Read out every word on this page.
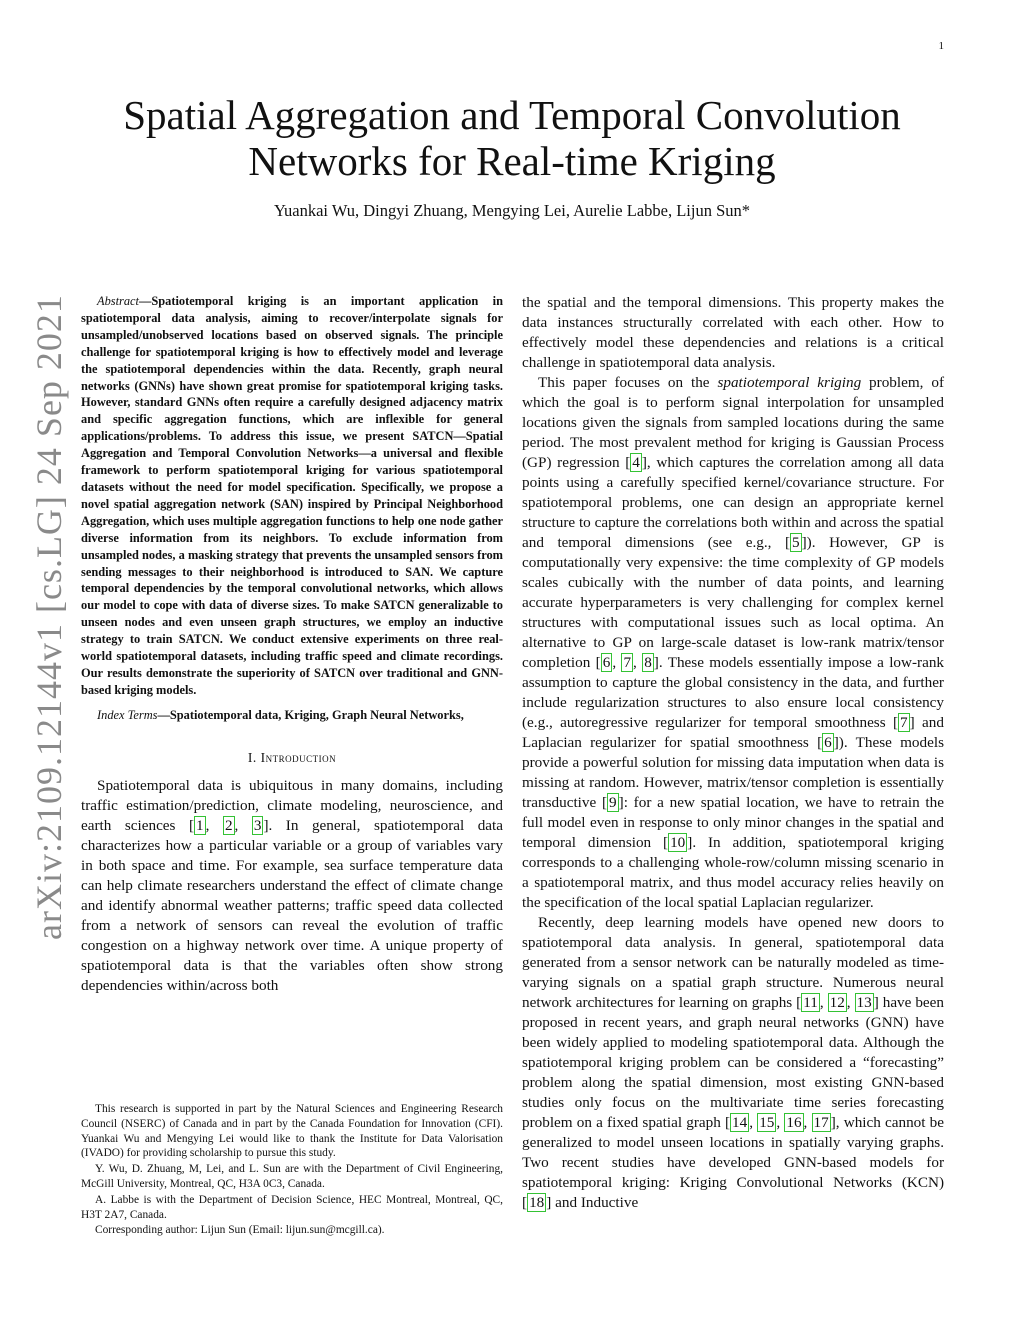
1
arXiv:2109.12144v1 [cs.LG] 24 Sep 2021
Spatial Aggregation and Temporal Convolution
Networks for Real-time Kriging
Yuankai Wu, Dingyi Zhuang, Mengying Lei, Aurelie Labbe, Lijun Sun*

Abstract—Spatiotemporal kriging is an important application in spatiotemporal data analysis, aiming to recover/interpolate signals for unsampled/unobserved locations based on observed signals. The principle challenge for spatiotemporal kriging is how to effectively model and leverage the spatiotemporal dependencies within the data. Recently, graph neural networks (GNNs) have shown great promise for spatiotemporal kriging tasks. However, standard GNNs often require a carefully designed adjacency matrix and specific aggregation functions, which are inflexible for general applications/problems. To address this issue, we present SATCN—Spatial Aggregation and Temporal Convolution Networks—a universal and flexible framework to perform spatiotemporal kriging for various spatiotemporal datasets without the need for model specification. Specifically, we propose a novel spatial aggregation network (SAN) inspired by Principal Neighborhood Aggregation, which uses multiple aggregation functions to help one node gather diverse information from its neighbors. To exclude information from unsampled nodes, a masking strategy that prevents the unsampled sensors from sending messages to their neighborhood is introduced to SAN. We capture temporal dependencies by the temporal convolutional networks, which allows our model to cope with data of diverse sizes. To make SATCN generalizable to unseen nodes and even unseen graph structures, we employ an inductive strategy to train SATCN. We conduct extensive experiments on three real-world spatiotemporal datasets, including traffic speed and climate recordings. Our results demonstrate the superiority of SATCN over traditional and GNN-based kriging models.

Index Terms—Spatiotemporal data, Kriging, Graph Neural Networks,

I. Introduction

Spatiotemporal data is ubiquitous in many domains, including traffic estimation/prediction, climate modeling, neuroscience, and earth sciences [ 1 , 2 , 3 ]. In general, spatiotemporal data characterizes how a particular variable or a group of variables vary in both space and time. For example, sea surface temperature data can help climate researchers understand the effect of climate change and identify abnormal weather patterns; traffic speed data collected from a network of sensors can reveal the evolution of traffic congestion on a highway network over time. A unique property of spatiotemporal data is that the variables often show strong dependencies within/across both

This research is supported in part by the Natural Sciences and Engineering Research Council (NSERC) of Canada and in part by the Canada Foundation for Innovation (CFI). Yuankai Wu and Mengying Lei would like to thank the Institute for Data Valorisation (IVADO) for providing scholarship to pursue this study.

Y. Wu, D. Zhuang, M, Lei, and L. Sun are with the Department of Civil Engineering, McGill University, Montreal, QC, H3A 0C3, Canada.

A. Labbe is with the Department of Decision Science, HEC Montreal, Montreal, QC, H3T 2A7, Canada.

Corresponding author: Lijun Sun (Email: lijun.sun@mcgill.ca).

the spatial and the temporal dimensions. This property makes the data instances structurally correlated with each other. How to effectively model these dependencies and relations is a critical challenge in spatiotemporal data analysis.

This paper focuses on the spatiotemporal kriging problem, of which the goal is to perform signal interpolation for unsampled locations given the signals from sampled locations during the same period. The most prevalent method for kriging is Gaussian Process (GP) regression [ 4 ], which captures the correlation among all data points using a carefully specified kernel/covariance structure. For spatiotemporal problems, one can design an appropriate kernel structure to capture the correlations both within and across the spatial and temporal dimensions (see e.g., [ 5 ]). However, GP is computationally very expensive: the time complexity of GP models scales cubically with the number of data points, and learning accurate hyperparameters is very challenging for complex kernel structures with computational issues such as local optima. An alternative to GP on large-scale dataset is low-rank matrix/tensor completion [ 6 , 7 , 8 ]. These models essentially impose a low-rank assumption to capture the global consistency in the data, and further include regularization structures to also ensure local consistency (e.g., autoregressive regularizer for temporal smoothness [ 7 ] and Laplacian regularizer for spatial smoothness [ 6 ]). These models provide a powerful solution for missing data imputation when data is missing at random. However, matrix/tensor completion is essentially transductive [ 9 ]: for a new spatial location, we have to retrain the full model even in response to only minor changes in the spatial and temporal dimension [ 10 ]. In addition, spatiotemporal kriging corresponds to a challenging whole-row/column missing scenario in a spatiotemporal matrix, and thus model accuracy relies heavily on the specification of the local spatial Laplacian regularizer.

Recently, deep learning models have opened new doors to spatiotemporal data analysis. In general, spatiotemporal data generated from a sensor network can be naturally modeled as time-varying signals on a spatial graph structure. Numerous neural network architectures for learning on graphs [ 11 , 12 , 13 ] have been proposed in recent years, and graph neural networks (GNN) have been widely applied to modeling spatiotemporal data. Although the spatiotemporal kriging problem can be considered a “forecasting” problem along the spatial dimension, most existing GNN-based studies only focus on the multivariate time series forecasting problem on a fixed spatial graph [ 14 , 15 , 16 , 17 ], which cannot be generalized to model unseen locations in spatially varying graphs. Two recent studies have developed GNN-based models for spatiotemporal kriging: Kriging Convolutional Networks (KCN) [ 18 ] and Inductive
